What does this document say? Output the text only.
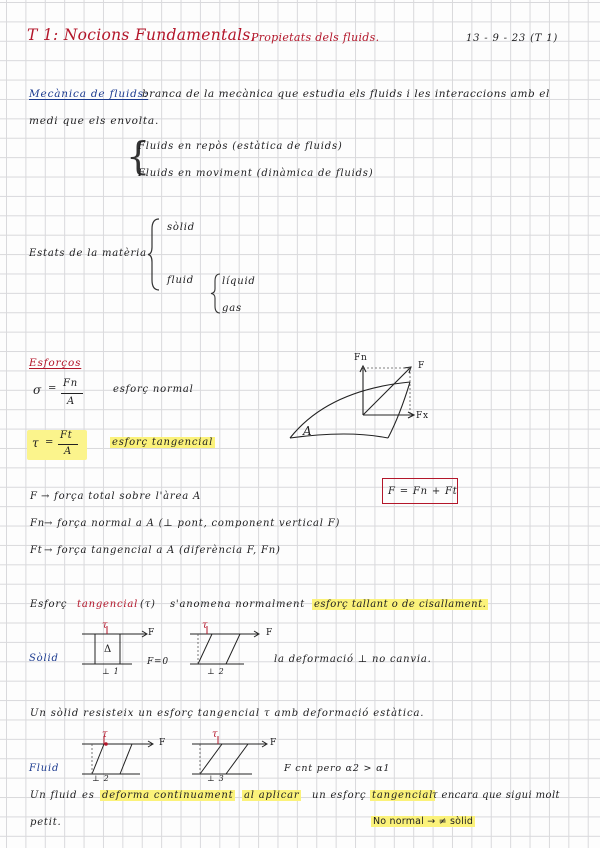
T 1: Nocions Fundamentals.
Propietats dels fluids.	13 - 9 - 23 (T 1)
Mecànica de fluids:
branca de la mecànica que estudia els fluids i les interaccions amb el
medi que els envolta.
{
Fluids en repòs (estàtica de fluids)
Fluids en moviment (dinàmica de fluids)
Estats de la matèria
sòlid
fluid	líquid
gas
Esforços
σ = Fn
A
esforç normal
τ =
Ft
A
esforç tangencial
Fn
F
Fx
A
F = Fn + Ft
F → força total sobre l'àrea A
Fn → força normal a A (⊥ pont, component vertical F)
Ft → força tangencial a A (diferència F, Fn)
Esforç tangencial (τ) s'anomena normalment esforç tallant o de cisallament.
Sòlid
τ
F
Δ
⊥ 1
F=0
τ
F
⊥ 2
la deformació ⊥ no canvia.
Un sòlid resisteix un esforç tangencial τ amb deformació estàtica.
Fluid
τ
F
⊥ 2
τ
F
⊥ 3
F cnt pero α2 > α1
Un fluid es deforma continuament al aplicar un esforç tangencial
τ encara que sigui molt
petit.	No normal → ≠ sòlid
